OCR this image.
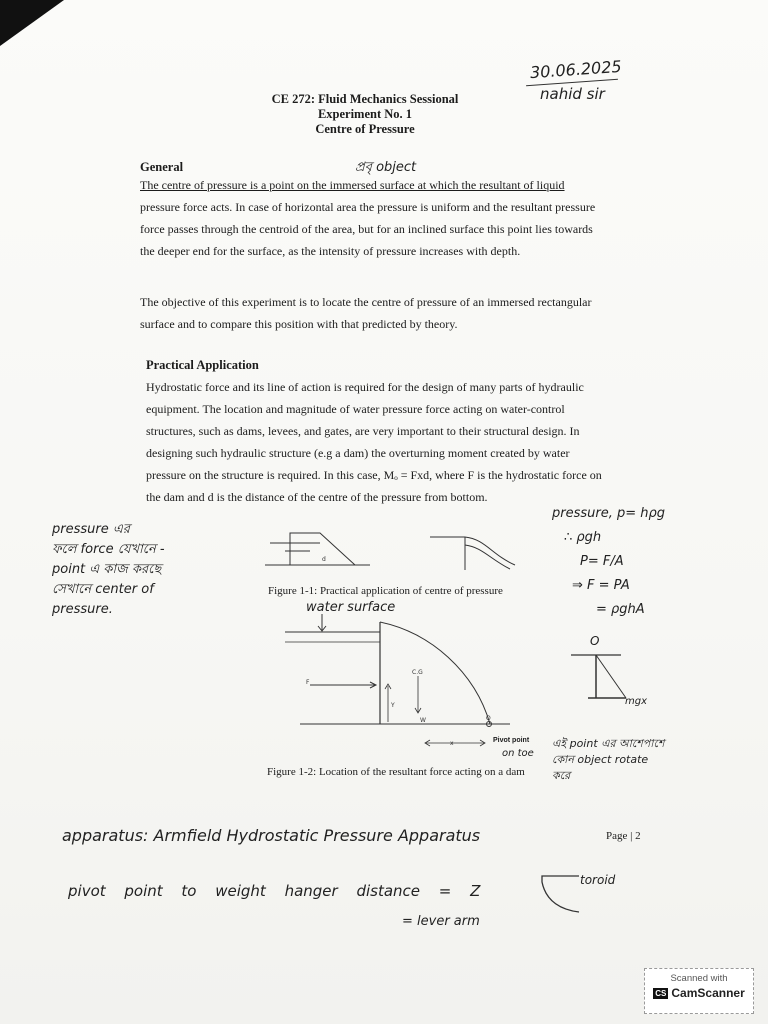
30.06.2025
nahid sir
CE 272: Fluid Mechanics Sessional
Experiment No. 1
Centre of Pressure
General	প্রবৃ object
The centre of pressure is a point on the immersed surface at which the resultant of liquid
pressure force acts. In case of horizontal area the pressure is uniform and the resultant pressure
force passes through the centroid of the area, but for an inclined surface this point lies towards
the deeper end for the surface, as the intensity of pressure increases with depth.
The objective of this experiment is to locate the centre of pressure of an immersed rectangular
surface and to compare this position with that predicted by theory.
Practical Application
Hydrostatic force and its line of action is required for the design of many parts of hydraulic
equipment. The location and magnitude of water pressure force acting on water-control
structures, such as dams, levees, and gates, are very important to their structural design. In
designing such hydraulic structure (e.g a dam) the overturning moment created by water
pressure on the structure is required. In this case, Mₒ = Fxd, where F is the hydrostatic force on
the dam and d is the distance of the centre of the pressure from bottom.
pressure এর
ফলে force যেখানে -
point এ কাজ করছে
সেখানে center of
pressure.
pressure, p= hρg
∴ ρgh
P= F/A
⇒ F = PA
= ρghA
d
Figure 1-1: Practical application of centre of pressure
water surface
C.G
F
Y
W	O
x	Pivot point
on toe
এই point এর আশেপাশে
কোন object rotate
করে
Figure 1-2: Location of the resultant force acting on a dam
O
mgx
apparatus: Armfield Hydrostatic Pressure Apparatus	Page | 2
pivot point to weight hanger distance = Z
= lever arm
toroid
Scanned with
CS CamScanner
